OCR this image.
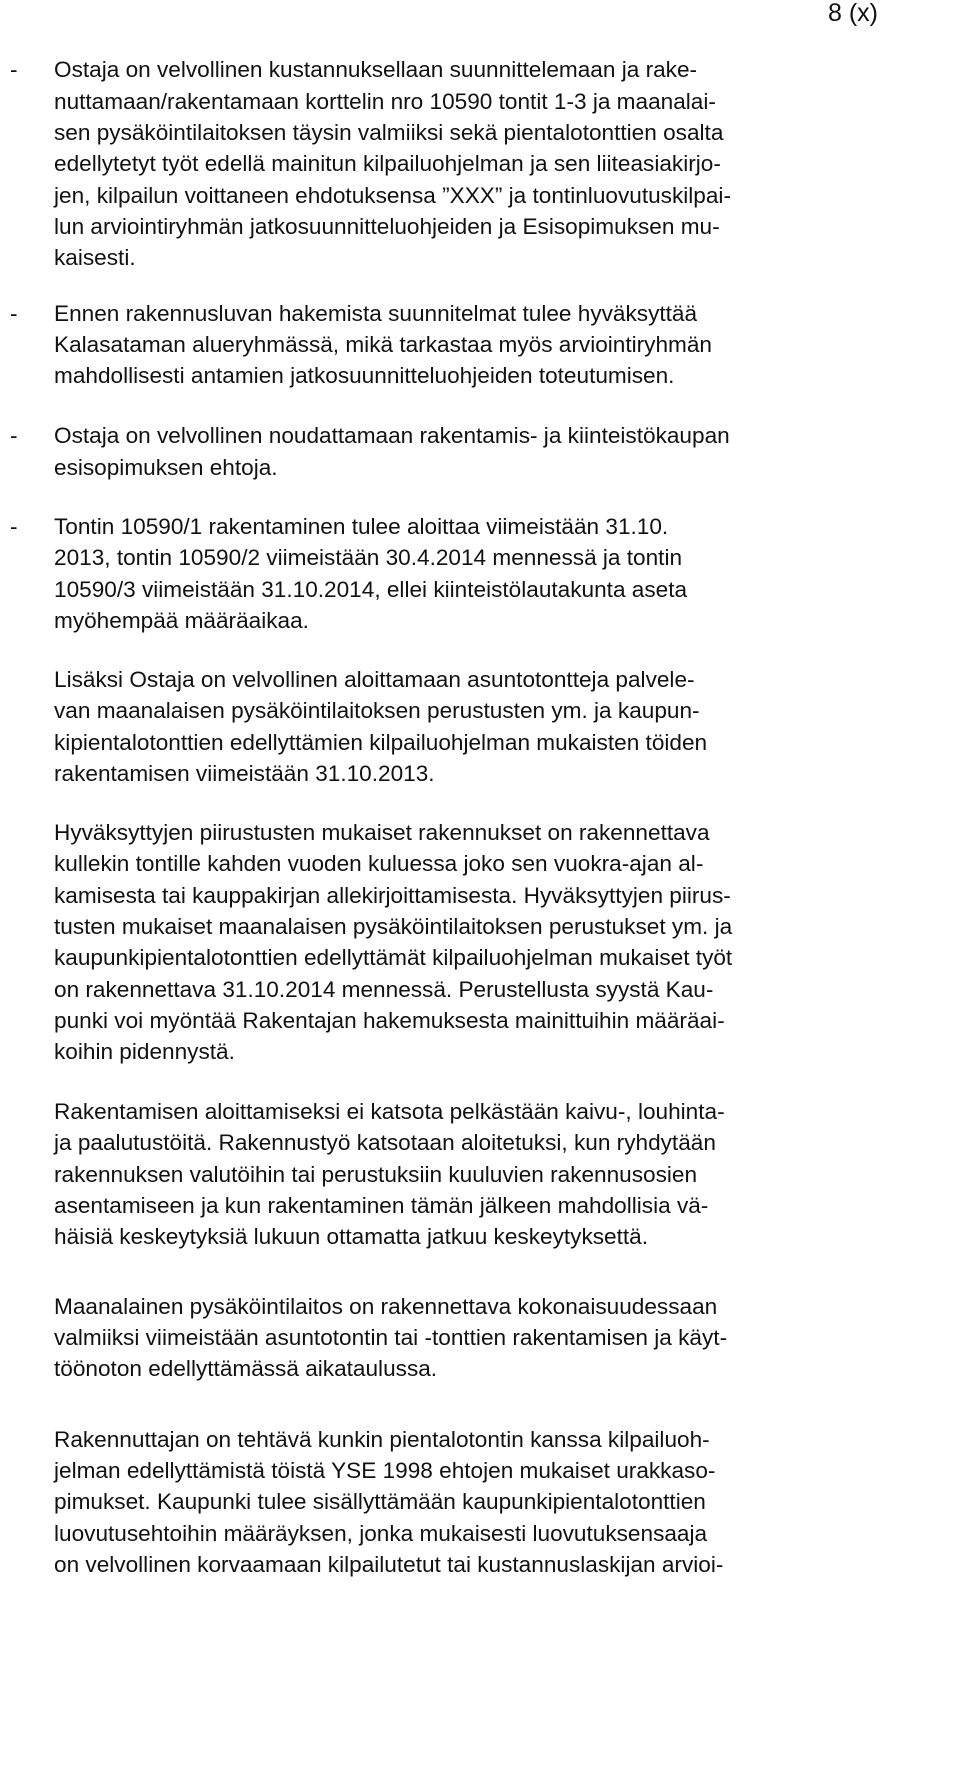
8 (x)
- Ostaja on velvollinen kustannuksellaan suunnittelemaan ja rake-
nuttamaan/rakentamaan korttelin nro 10590 tontit 1-3 ja maanalai-
sen pysäköintilaitoksen täysin valmiiksi sekä pientalotonttien osalta
edellytetyt työt edellä mainitun kilpailuohjelman ja sen liiteasiakirjo-
jen, kilpailun voittaneen ehdotuksensa ”XXX” ja tontinluovutuskilpai-
lun arviointiryhmän jatkosuunnitteluohjeiden ja Esisopimuksen mu-
kaisesti.
- Ennen rakennusluvan hakemista suunnitelmat tulee hyväksyttää
Kalasataman alueryhmässä, mikä tarkastaa myös arviointiryhmän
mahdollisesti antamien jatkosuunnitteluohjeiden toteutumisen.
- Ostaja on velvollinen noudattamaan rakentamis- ja kiinteistökaupan
esisopimuksen ehtoja.
- Tontin 10590/1 rakentaminen tulee aloittaa viimeistään 31.10.
2013, tontin 10590/2 viimeistään 30.4.2014 mennessä ja tontin
10590/3 viimeistään 31.10.2014, ellei kiinteistölautakunta aseta
myöhempää määräaikaa.
Lisäksi Ostaja on velvollinen aloittamaan asuntotontteja palvele-
van maanalaisen pysäköintilaitoksen perustusten ym. ja kaupun-
kipientalotonttien edellyttämien kilpailuohjelman mukaisten töiden
rakentamisen viimeistään 31.10.2013.
Hyväksyttyjen piirustusten mukaiset rakennukset on rakennettava
kullekin tontille kahden vuoden kuluessa joko sen vuokra-ajan al-
kamisesta tai kauppakirjan allekirjoittamisesta. Hyväksyttyjen piirus-
tusten mukaiset maanalaisen pysäköintilaitoksen perustukset ym. ja
kaupunkipientalotonttien edellyttämät kilpailuohjelman mukaiset työt
on rakennettava 31.10.2014 mennessä. Perustellusta syystä Kau-
punki voi myöntää Rakentajan hakemuksesta mainittuihin määräai-
koihin pidennystä.
Rakentamisen aloittamiseksi ei katsota pelkästään kaivu-, louhinta-
ja paalutustöitä. Rakennustyö katsotaan aloitetuksi, kun ryhdytään
rakennuksen valutöihin tai perustuksiin kuuluvien rakennusosien
asentamiseen ja kun rakentaminen tämän jälkeen mahdollisia vä-
häisiä keskeytyksiä lukuun ottamatta jatkuu keskeytyksettä.
Maanalainen pysäköintilaitos on rakennettava kokonaisuudessaan
valmiiksi viimeistään asuntotontin tai -tonttien rakentamisen ja käyt-
töönoton edellyttämässä aikataulussa.
Rakennuttajan on tehtävä kunkin pientalotontin kanssa kilpailuoh-
jelman edellyttämistä töistä YSE 1998 ehtojen mukaiset urakkaso-
pimukset. Kaupunki tulee sisällyttämään kaupunkipientalotonttien
luovutusehtoihin määräyksen, jonka mukaisesti luovutuksensaaja
on velvollinen korvaamaan kilpailutetut tai kustannuslaskijan arvioi-
